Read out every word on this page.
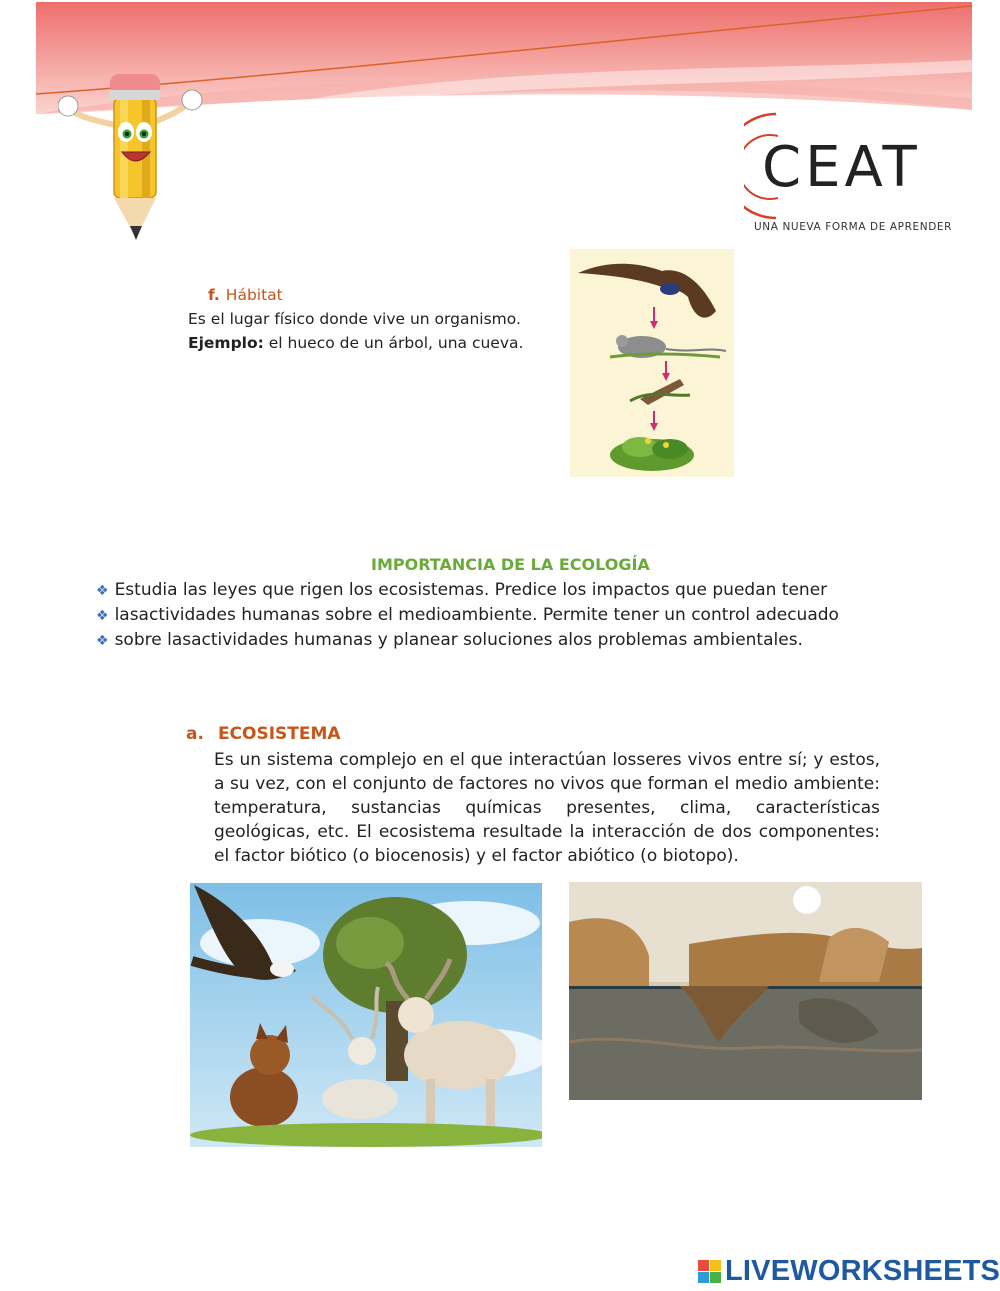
CEAT
UNA NUEVA FORMA DE APRENDER
f. Hábitat
Es el lugar físico donde vive un organismo.
Ejemplo: el hueco de un árbol, una cueva.
IMPORTANCIA DE LA ECOLOGÍA
❖ Estudia las leyes que rigen los ecosistemas. Predice los impactos que puedan tener
❖ lasactividades humanas sobre el medioambiente. Permite tener un control adecuado
❖ sobre lasactividades humanas y planear soluciones alos problemas ambientales.
a. ECOSISTEMA
Es un sistema complejo en el que interactúan losseres vivos entre sí; y estos, a su vez, con el conjunto de factores no vivos que forman el medio ambiente: temperatura, sustancias químicas presentes, clima, características geológicas, etc. El ecosistema resultade la interacción de dos componentes: el factor biótico (o biocenosis) y el factor abiótico (o biotopo).
LIVEWORKSHEETS
